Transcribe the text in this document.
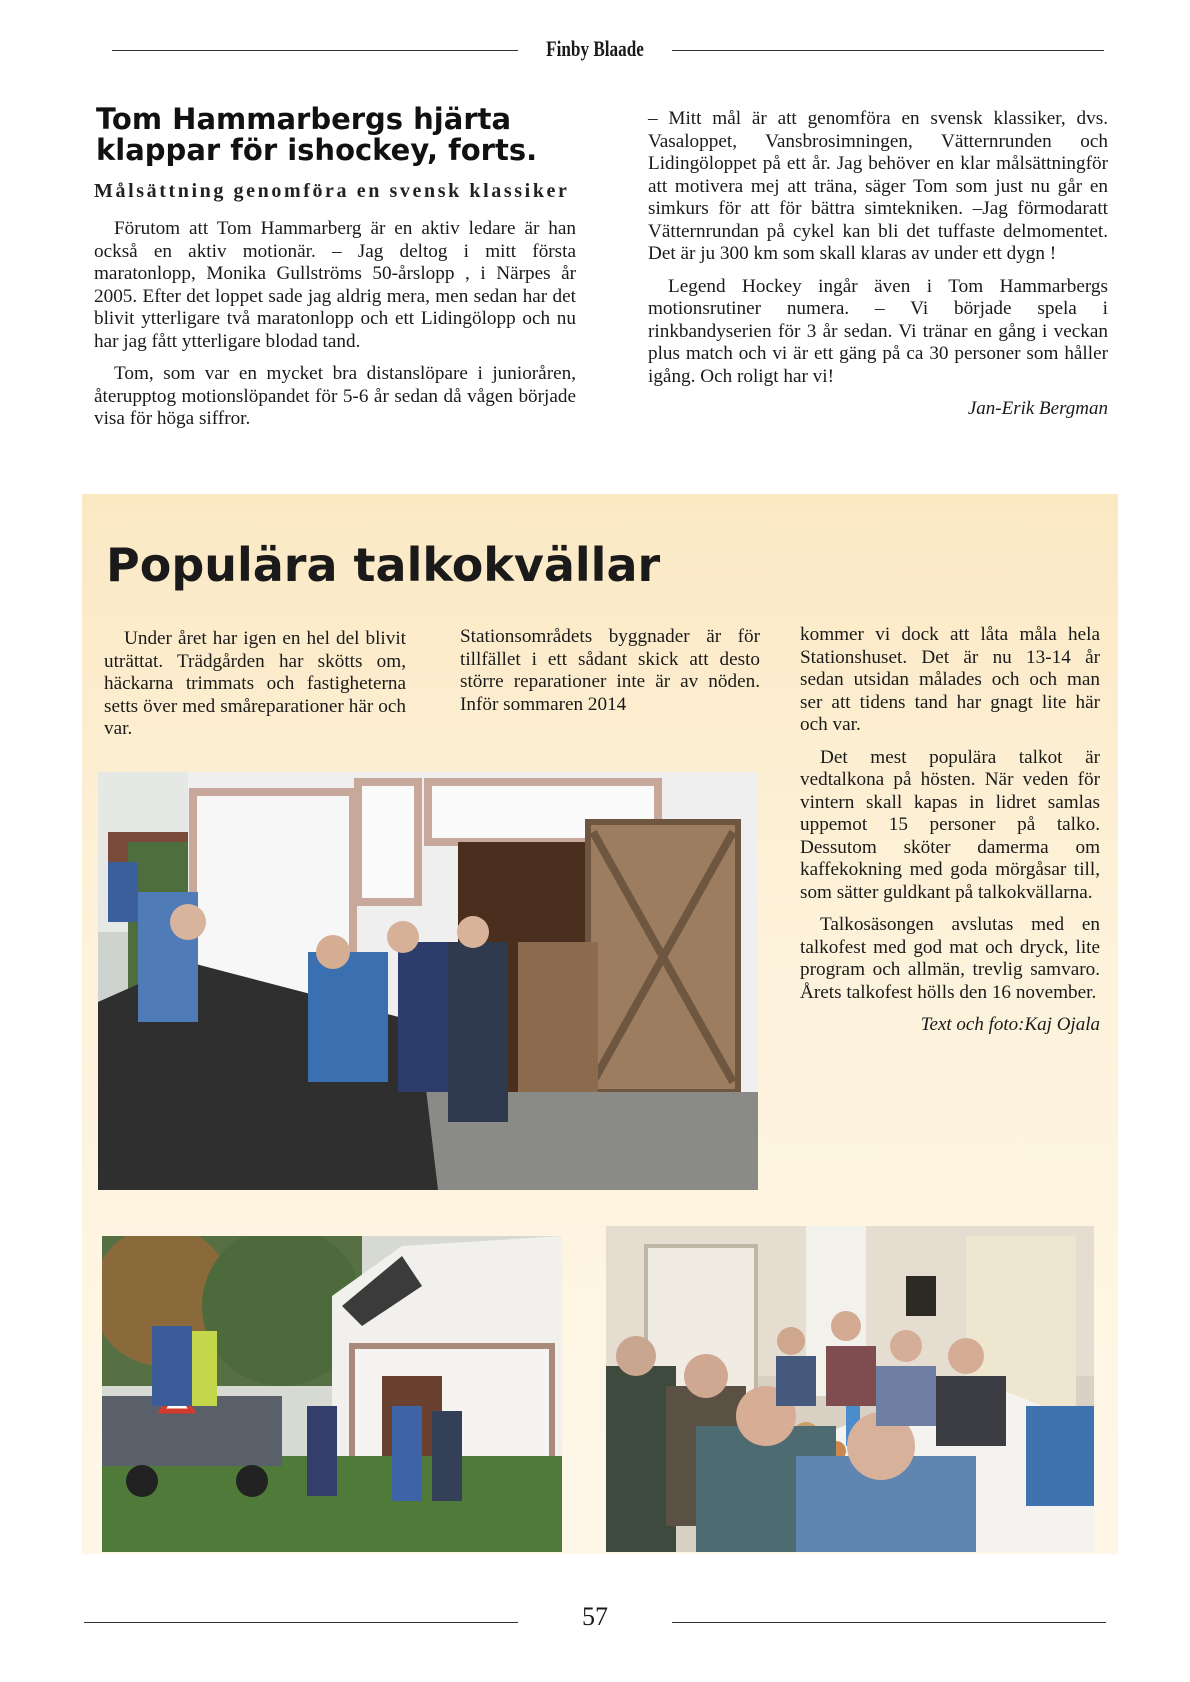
Finby Blaade
Tom Hammarbergs hjärta klappar för ishockey, forts.
Målsättning genomföra en svensk klassiker

Förutom att Tom Hammarberg är en aktiv ledare är han också en aktiv motionär. – Jag deltog i mitt första maratonlopp, Monika Gullströms 50-årslopp , i Närpes år 2005. Efter det loppet sade jag aldrig mera, men sedan har det blivit ytterligare två maratonlopp och ett Lidingölopp och nu har jag fått ytterligare blodad tand.

Tom, som var en mycket bra distanslöpare i junioråren, återupptog motionslöpandet för 5-6 år sedan då vågen började visa för höga siffror.

– Mitt mål är att genomföra en svensk klassiker, dvs. Vasaloppet, Vansbrosimningen, Vätternrunden och Lidingöloppet på ett år. Jag behöver en klar målsättningför att motivera mej att träna, säger Tom som just nu går en simkurs för att för bättra simtekniken. –Jag förmodaratt Vätternrundan på cykel kan bli det tuffaste delmomentet. Det är ju 300 km som skall klaras av under ett dygn !

Legend Hockey ingår även i Tom Hammarbergs motionsrutiner numera. – Vi började spela i rinkbandyserien för 3 år sedan. Vi tränar en gång i veckan plus match och vi är ett gäng på ca 30 personer som håller igång. Och roligt har vi!

Jan-Erik Bergman
Populära talkokvällar

Under året har igen en hel del blivit uträttat. Trädgården har skötts om, häckarna trimmats och fastigheterna setts över med småreparationer här och var.

Stationsområdets byggnader är för tillfället i ett sådant skick att desto större reparationer inte är av nöden. Inför sommaren 2014

kommer vi dock att låta måla hela Stationshuset. Det är nu 13-14 år sedan utsidan målades och och man ser att tidens tand har gnagt lite här och var.

Det mest populära talkot är vedtalkona på hösten. När veden för vintern skall kapas in lidret samlas uppemot 15 personer på talko. Dessutom sköter damerma om kaffekokning med goda mörgåsar till, som sätter guldkant på talkokvällarna.

Talkosäsongen avslutas med en talkofest med god mat och dryck, lite program och allmän, trevlig samvaro. Årets talkofest hölls den 16 november.

Text och foto:Kaj Ojala
57
